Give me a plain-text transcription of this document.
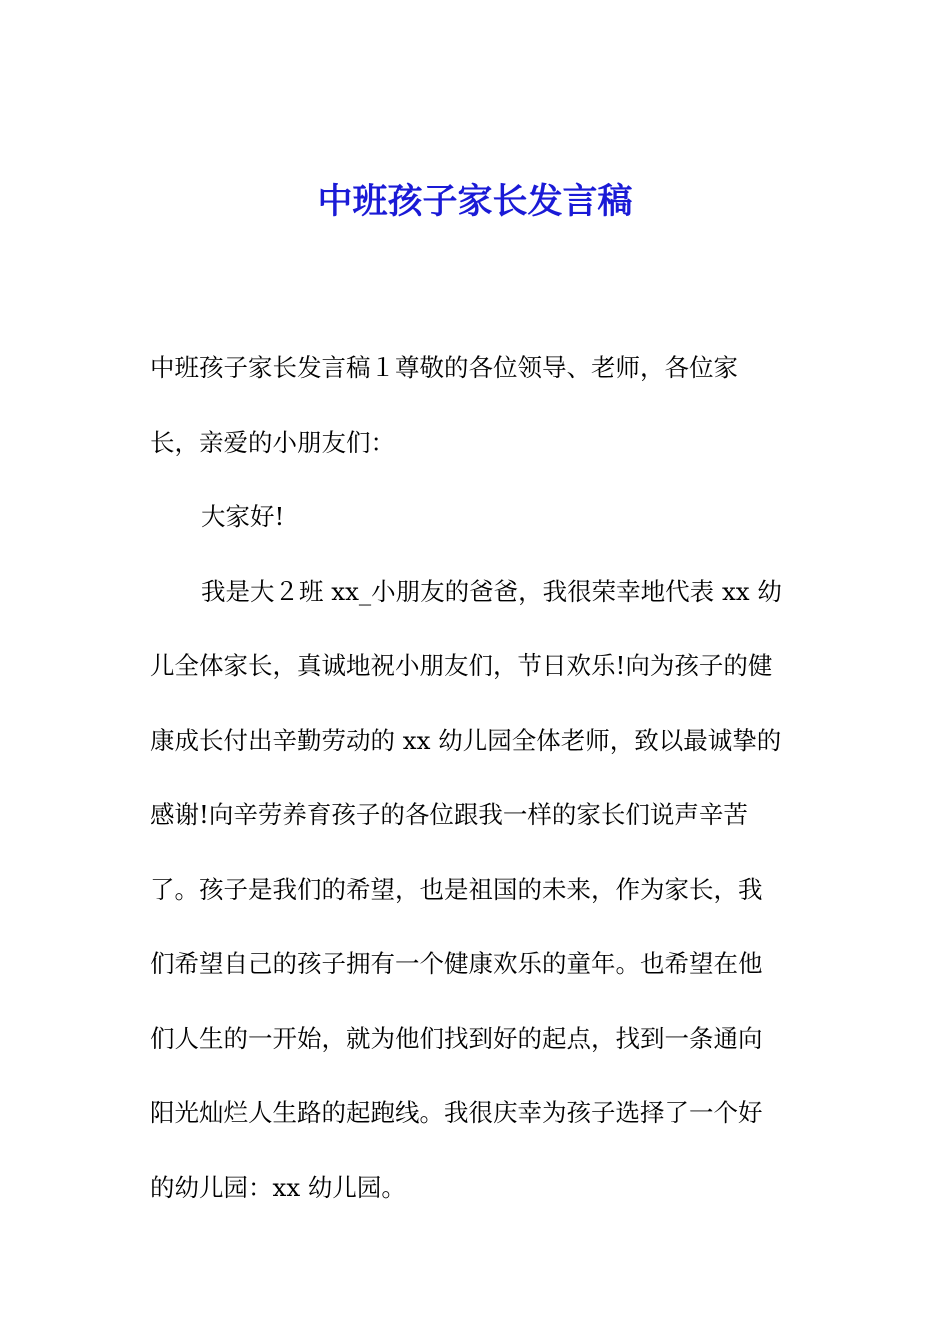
中班孩子家长发言稿
中班孩子家长发言稿１尊敬的各位领导、老师，各位家
长，亲爱的小朋友们：
大家好!
我是大２班 xx_小朋友的爸爸，我很荣幸地代表 xx 幼
儿全体家长，真诚地祝小朋友们，节日欢乐!向为孩子的健
康成长付出辛勤劳动的 xx 幼儿园全体老师，致以最诚挚的
感谢!向辛劳养育孩子的各位跟我一样的家长们说声辛苦
了。孩子是我们的希望，也是祖国的未来，作为家长，我
们希望自己的孩子拥有一个健康欢乐的童年。也希望在他
们人生的一开始，就为他们找到好的起点，找到一条通向
阳光灿烂人生路的起跑线。我很庆幸为孩子选择了一个好
的幼儿园：xx 幼儿园。
